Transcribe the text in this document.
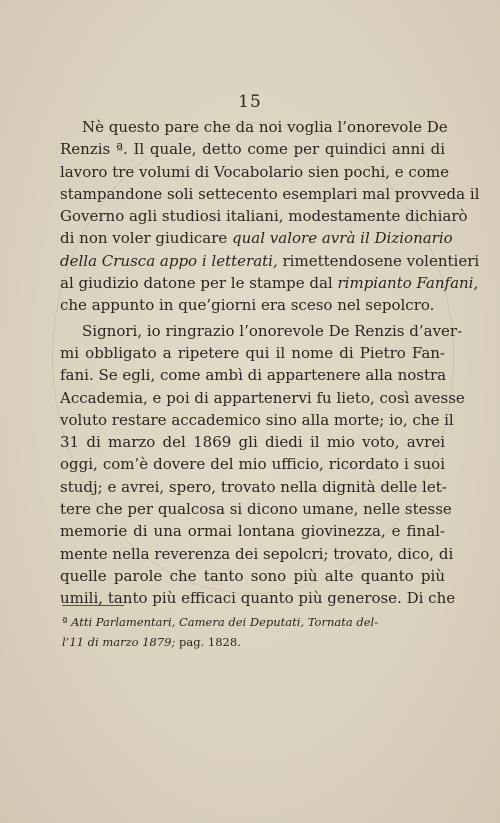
15
Nè questo pare che da noi voglia l’onorevole De
Renzis ª. Il quale, detto come per quindici anni di
lavoro tre volumi di Vocabolario sien pochi, e come
stampandone soli settecento esemplari mal provveda il
Governo agli studiosi italiani, modestamente dichiarò
di non voler giudicare qual valore avrà il Dizionario
della Crusca appo i letterati, rimettendosene volentieri
al giudizio datone per le stampe dal rimpianto Fanfani,
che appunto in que’giorni era sceso nel sepolcro.
Signori, io ringrazio l’onorevole De Renzis d’aver-
mi obbligato a ripetere qui il nome di Pietro Fan-
fani. Se egli, come ambì di appartenere alla nostra
Accademia, e poi di appartenervi fu lieto, così avesse
voluto restare accademico sino alla morte; io, che il
31 di marzo del 1869 gli diedi il mio voto, avrei
oggi, com’è dovere del mio ufficio, ricordato i suoi
studj; e avrei, spero, trovato nella dignità delle let-
tere che per qualcosa si dicono umane, nelle stesse
memorie di una ormai lontana giovinezza, e final-
mente nella reverenza dei sepolcri; trovato, dico, di
quelle parole che tanto sono più alte quanto più
umili, tanto più efficaci quanto più generose. Di che
ª Atti Parlamentari, Camera dei Deputati, Tornata del-
l’11 di marzo 1879; pag. 1828.
